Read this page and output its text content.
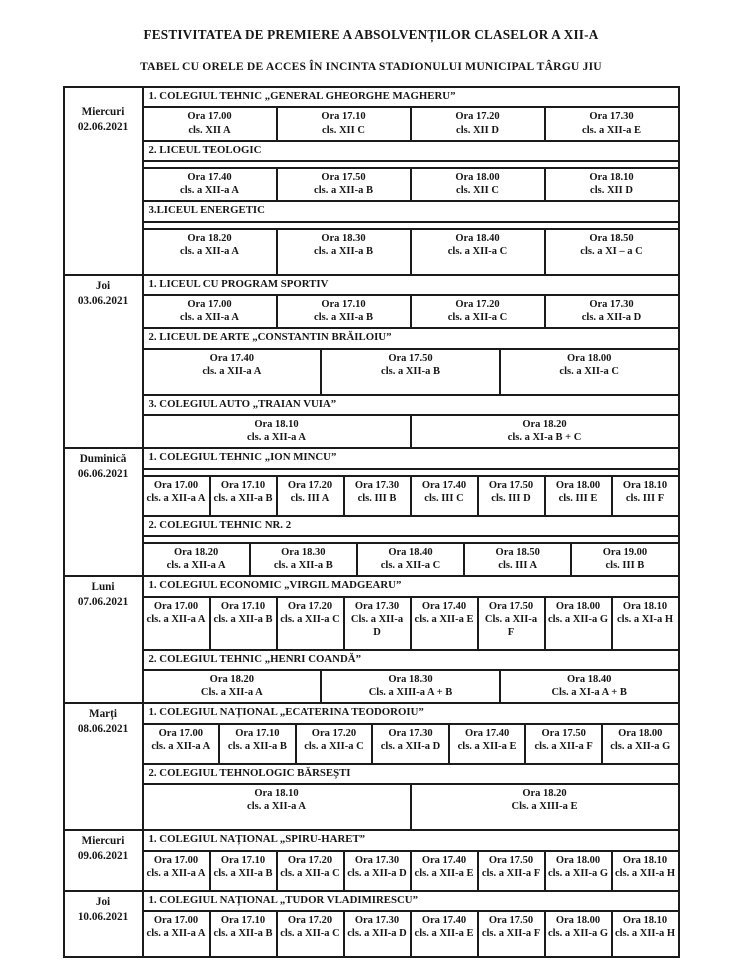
FESTIVITATEA DE PREMIERE A ABSOLVENȚILOR CLASELOR A XII-A
TABEL CU ORELE DE ACCES ÎN INCINTA STADIONULUI MUNICIPAL TÂRGU JIU
Miercuri
02.06.2021
1. COLEGIUL TEHNIC „GENERAL GHEORGHE MAGHERU”
Ora 17.00
cls. XII A
Ora 17.10
cls. XII C
Ora 17.20
cls. XII D
Ora 17.30
cls. a XII-a E
2. LICEUL TEOLOGIC
Ora 17.40
cls. a XII-a A
Ora 17.50
cls. a XII-a B
Ora 18.00
cls. XII C
Ora 18.10
cls. XII D
3.LICEUL ENERGETIC
Ora 18.20
cls. a XII-a A
Ora 18.30
cls. a XII-a B
Ora 18.40
cls. a XII-a C
Ora 18.50
cls. a XI – a C
Joi
03.06.2021
1. LICEUL CU PROGRAM SPORTIV
Ora 17.00
cls. a XII-a A
Ora 17.10
cls. a XII-a B
Ora 17.20
cls. a XII-a C
Ora 17.30
cls. a XII-a D
2. LICEUL DE ARTE „CONSTANTIN BRĂILOIU”
Ora 17.40
cls. a XII-a A
Ora 17.50
cls. a XII-a B
Ora 18.00
cls. a XII-a C
3. COLEGIUL AUTO „TRAIAN VUIA”
Ora 18.10
cls. a XII-a A
Ora 18.20
cls. a XI-a B + C
Duminică
06.06.2021
1. COLEGIUL TEHNIC „ION MINCU”
Ora 17.00
cls. a XII-a A
Ora 17.10
cls. a XII-a B
Ora 17.20
cls. III A
Ora 17.30
cls. III B
Ora 17.40
cls. III C
Ora 17.50
cls. III D
Ora 18.00
cls. III E
Ora 18.10
cls. III F
2. COLEGIUL TEHNIC NR. 2
Ora 18.20
cls. a XII-a A
Ora 18.30
cls. a XII-a B
Ora 18.40
cls. a XII-a C
Ora 18.50
cls. III A
Ora 19.00
cls. III B
Luni
07.06.2021
1. COLEGIUL ECONOMIC „VIRGIL MADGEARU”
Ora 17.00
cls. a XII-a A
Ora 17.10
cls. a XII-a B
Ora 17.20
cls. a XII-a C
Ora 17.30
Cls. a XII-a D
Ora 17.40
cls. a XII-a E
Ora 17.50
Cls. a XII-a F
Ora 18.00
cls. a XII-a G
Ora 18.10
cls. a XI-a H
2. COLEGIUL TEHNIC „HENRI COANDĂ”
Ora 18.20
Cls. a XII-a A
Ora 18.30
Cls. a XIII-a A + B
Ora 18.40
Cls. a XI-a A + B
Marți
08.06.2021
1. COLEGIUL NAȚIONAL „ECATERINA TEODOROIU”
Ora 17.00
cls. a XII-a A
Ora 17.10
cls. a XII-a B
Ora 17.20
cls. a XII-a C
Ora 17.30
cls. a XII-a D
Ora 17.40
cls. a XII-a E
Ora 17.50
cls. a XII-a F
Ora 18.00
cls. a XII-a G
2. COLEGIUL TEHNOLOGIC BĂRSEȘTI
Ora 18.10
cls. a XII-a A
Ora 18.20
Cls. a XIII-a E
Miercuri
09.06.2021
1. COLEGIUL NAȚIONAL „SPIRU-HARET”
Ora 17.00
cls. a XII-a A
Ora 17.10
cls. a XII-a B
Ora 17.20
cls. a XII-a C
Ora 17.30
cls. a XII-a D
Ora 17.40
cls. a XII-a E
Ora 17.50
cls. a XII-a F
Ora 18.00
cls. a XII-a G
Ora 18.10
cls. a XII-a H
Joi
10.06.2021
1. COLEGIUL NAȚIONAL „TUDOR VLADIMIRESCU”
Ora 17.00
cls. a XII-a A
Ora 17.10
cls. a XII-a B
Ora 17.20
cls. a XII-a C
Ora 17.30
cls. a XII-a D
Ora 17.40
cls. a XII-a E
Ora 17.50
cls. a XII-a F
Ora 18.00
cls. a XII-a G
Ora 18.10
cls. a XII-a H
